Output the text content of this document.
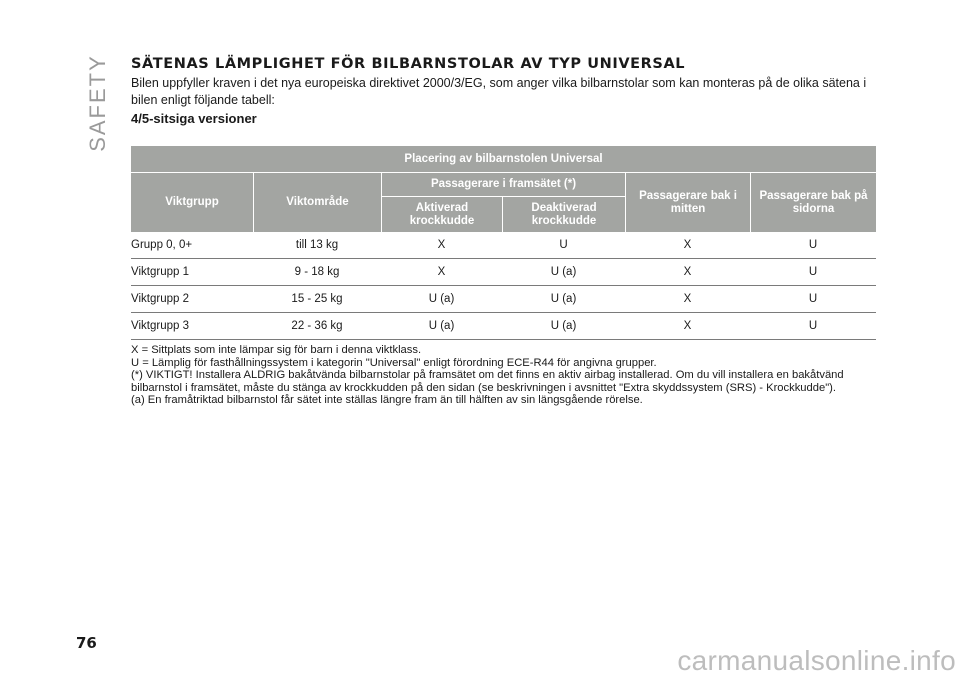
SAFETY SÄTENAS LÄMPLIGHET FÖR BILBARNSTOLAR AV TYP UNIVERSAL
Bilen uppfyller kraven i det nya europeiska direktivet 2000/3/EG, som anger vilka bilbarnstolar som kan monteras på de olika sätena i bilen enligt följande tabell:
4/5-sitsiga versioner
Placering av bilbarnstolen Universal					
Viktgrupp	Viktområde	Passagerare i framsätet (*)		Passagerare bak i mitten	Passagerare bak på sidorna
		Aktiverad krockkudde	Deaktiverad krockkudde		
Grupp 0, 0+	till 13 kg	X	U	X	U
Viktgrupp 1	9 - 18 kg	X	U (a)	X	U
Viktgrupp 2	15 - 25 kg	U (a)	U (a)	X	U
Viktgrupp 3	22 - 36 kg	U (a)	U (a)	X	U
X = Sittplats som inte lämpar sig för barn i denna viktklass.
U = Lämplig för fasthållningssystem i kategorin "Universal" enligt förordning ECE-R44 för angivna grupper.
(*) VIKTIGT! Installera ALDRIG bakåtvända bilbarnstolar på framsätet om det finns en aktiv airbag installerad. Om du vill installera en bakåtvänd bilbarnstol i framsätet, måste du stänga av krockkudden på den sidan (se beskrivningen i avsnittet "Extra skyddssystem (SRS) - Krockkudde").
(a) En framåtriktad bilbarnstol får sätet inte ställas längre fram än till hälften av sin längsgående rörelse.
76
carmanualsonline.info
